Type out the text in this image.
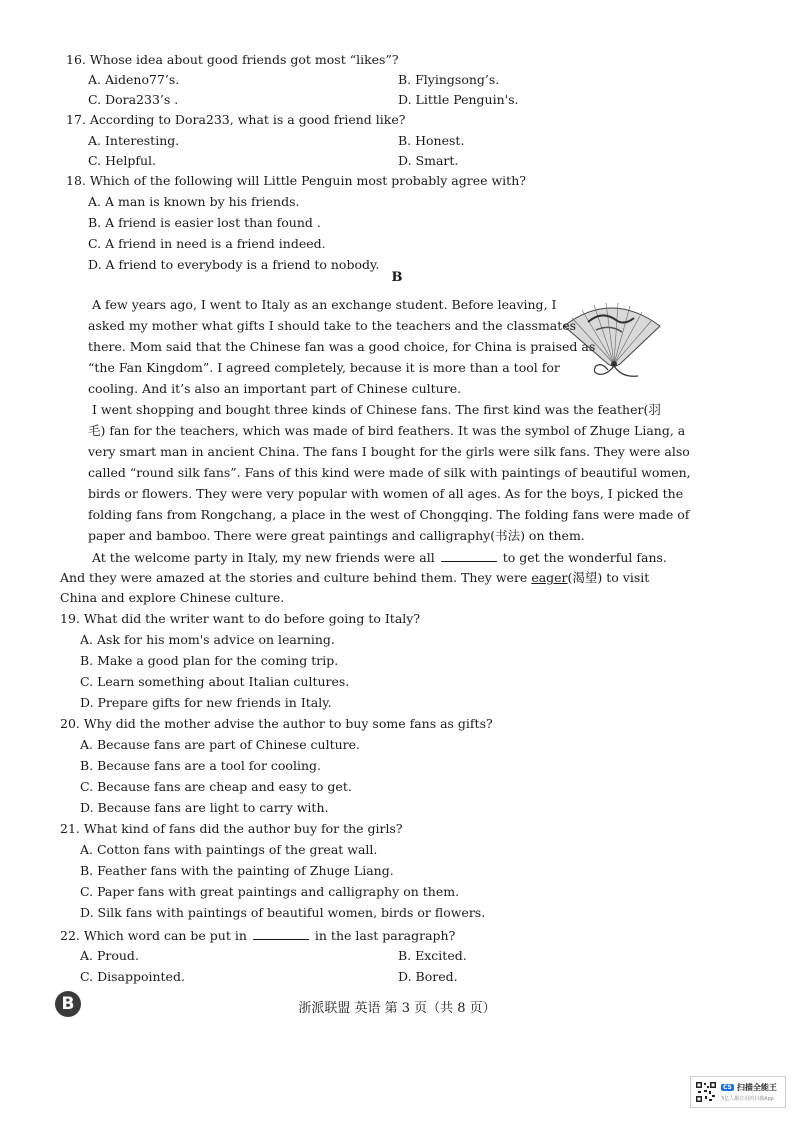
16. Whose idea about good friends got most “likes”?
A. Aideno77’s.	B. Flyingsong’s.
C. Dora233’s .	D. Little Penguin's.
17. According to Dora233, what is a good friend like?
A. Interesting.	B. Honest.
C. Helpful.	D. Smart.
18. Which of the following will Little Penguin most probably agree with?
A. A man is known by his friends.
B. A friend is easier lost than found .
C. A friend in need is a friend indeed.
D. A friend to everybody is a friend to nobody.
B
A few years ago, I went to Italy as an exchange student. Before leaving, I
asked my mother what gifts I should take to the teachers and the classmates
there. Mom said that the Chinese fan was a good choice, for China is praised as
“the Fan Kingdom”. I agreed completely, because it is more than a tool for
cooling. And it’s also an important part of Chinese culture.
I went shopping and bought three kinds of Chinese fans. The first kind was the feather(羽
毛) fan for the teachers, which was made of bird feathers. It was the symbol of Zhuge Liang, a
very smart man in ancient China. The fans I bought for the girls were silk fans. They were also
called “round silk fans”. Fans of this kind were made of silk with paintings of beautiful women,
birds or flowers. They were very popular with women of all ages. As for the boys, I picked the
folding fans from Rongchang, a place in the west of Chongqing. The folding fans were made of
paper and bamboo. There were great paintings and calligraphy(书法) on them.
At the welcome party in Italy, my new friends were all	to get the wonderful fans.
And they were amazed at the stories and culture behind them. They were eager(渴望) to visit
China and explore Chinese culture.
19. What did the writer want to do before going to Italy?
A. Ask for his mom's advice on learning.
B. Make a good plan for the coming trip.
C. Learn something about Italian cultures.
D. Prepare gifts for new friends in Italy.
20. Why did the mother advise the author to buy some fans as gifts?
A. Because fans are part of Chinese culture.
B. Because fans are a tool for cooling.
C. Because fans are cheap and easy to get.
D. Because fans are light to carry with.
21. What kind of fans did the author buy for the girls?
A. Cotton fans with paintings of the great wall.
B. Feather fans with the painting of Zhuge Liang.
C. Paper fans with great paintings and calligraphy on them.
D. Silk fans with paintings of beautiful women, birds or flowers.
22. Which word can be put in	in the last paragraph?
A. Proud.	B. Excited.
C. Disappointed.	D. Bored.
B	浙派联盟 英语 第 3 页（共 8 页）
CS 扫描全能王
3亿人都在用的扫描App
